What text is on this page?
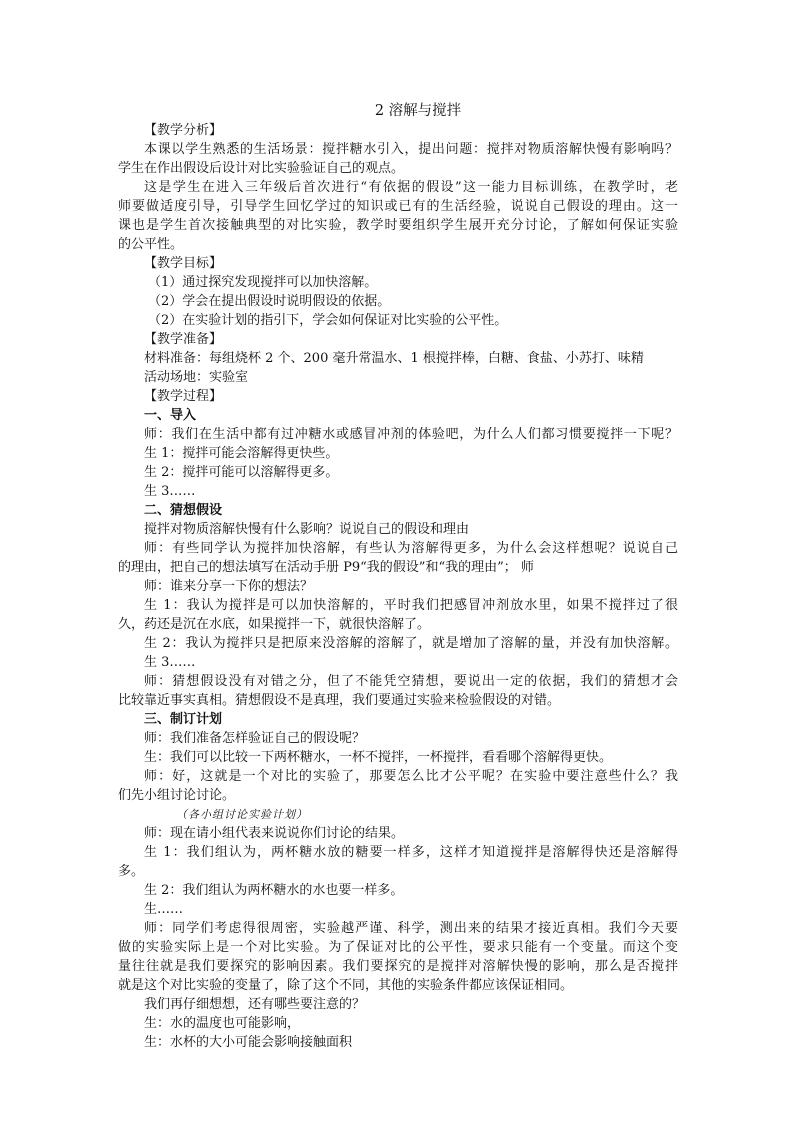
2 溶解与搅拌
【教学分析】
本课以学生熟悉的生活场景：搅拌糖水引入，提出问题：搅拌对物质溶解快慢有影响吗？
学生在作出假设后设计对比实验验证自己的观点。
这是学生在进入三年级后首次进行“有依据的假设”这一能力目标训练，在教学时，老
师要做适度引导，引导学生回忆学过的知识或已有的生活经验，说说自己假设的理由。这一
课也是学生首次接触典型的对比实验，教学时要组织学生展开充分讨论，了解如何保证实验
的公平性。
【教学目标】
（1）通过探究发现搅拌可以加快溶解。
（2）学会在提出假设时说明假设的依据。
（2）在实验计划的指引下，学会如何保证对比实验的公平性。
【教学准备】
材料准备：每组烧杯 2 个、200 毫升常温水、1 根搅拌棒，白糖、食盐、小苏打、味精
活动场地：实验室
【教学过程】
一、导入
师：我们在生活中都有过冲糖水或感冒冲剂的体验吧，为什么人们都习惯要搅拌一下呢？
生 1：搅拌可能会溶解得更快些。
生 2：搅拌可能可以溶解得更多。
生 3……
二、猜想假设
搅拌对物质溶解快慢有什么影响？说说自己的假设和理由
师：有些同学认为搅拌加快溶解，有些认为溶解得更多，为什么会这样想呢？说说自己
的理由，把自己的想法填写在活动手册 P9“我的假设”和“我的理由”； 师
师：谁来分享一下你的想法？
生 1：我认为搅拌是可以加快溶解的，平时我们把感冒冲剂放水里，如果不搅拌过了很
久，药还是沉在水底，如果搅拌一下，就很快溶解了。
生 2：我认为搅拌只是把原来没溶解的溶解了，就是增加了溶解的量，并没有加快溶解。
生 3……
师：猜想假设没有对错之分，但了不能凭空猜想，要说出一定的依据，我们的猜想才会
比较靠近事实真相。猜想假设不是真理，我们要通过实验来检验假设的对错。
三、制订计划
师：我们准备怎样验证自己的假设呢？
生：我们可以比较一下两杯糖水，一杯不搅拌，一杯搅拌，看看哪个溶解得更快。
师：好，这就是一个对比的实验了，那要怎么比才公平呢？在实验中要注意些什么？我
们先小组讨论讨论。
（各小组讨论实验计划）
师：现在请小组代表来说说你们讨论的结果。
生 1：我们组认为，两杯糖水放的糖要一样多，这样才知道搅拌是溶解得快还是溶解得
多。
生 2：我们组认为两杯糖水的水也要一样多。
生……
师：同学们考虑得很周密，实验越严谨、科学，测出来的结果才接近真相。我们今天要
做的实验实际上是一个对比实验。为了保证对比的公平性，要求只能有一个变量。而这个变
量往往就是我们要探究的影响因素。我们要探究的是搅拌对溶解快慢的影响，那么是否搅拌
就是这个对比实验的变量了，除了这个不同，其他的实验条件都应该保证相同。
我们再仔细想想，还有哪些要注意的？
生：水的温度也可能影响，
生：水杯的大小可能会影响接触面积
